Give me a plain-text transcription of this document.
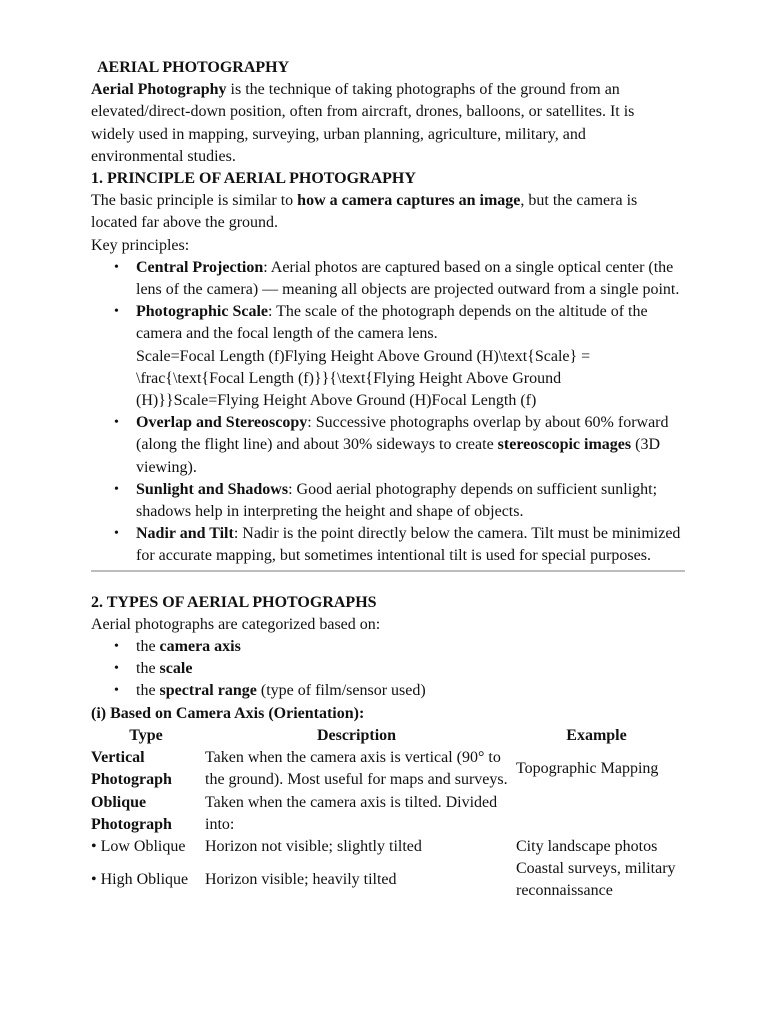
AERIAL PHOTOGRAPHY

Aerial Photography is the technique of taking photographs of the ground from an elevated/direct-down position, often from aircraft, drones, balloons, or satellites. It is widely used in mapping, surveying, urban planning, agriculture, military, and environmental studies.

1. PRINCIPLE OF AERIAL PHOTOGRAPHY

The basic principle is similar to how a camera captures an image, but the camera is located far above the ground.

Key principles:

• Central Projection: Aerial photos are captured based on a single optical center (the lens of the camera) — meaning all objects are projected outward from a single point.
• Photographic Scale: The scale of the photograph depends on the altitude of the camera and the focal length of the camera lens.
Scale=Focal Length (f)Flying Height Above Ground (H)\text{Scale} = \frac{\text{Focal Length (f)}}{\text{Flying Height Above Ground (H)}}Scale=Flying Height Above Ground (H)Focal Length (f)
• Overlap and Stereoscopy: Successive photographs overlap by about 60% forward (along the flight line) and about 30% sideways to create stereoscopic images (3D viewing).
• Sunlight and Shadows: Good aerial photography depends on sufficient sunlight; shadows help in interpreting the height and shape of objects.
• Nadir and Tilt: Nadir is the point directly below the camera. Tilt must be minimized for accurate mapping, but sometimes intentional tilt is used for special purposes.
2. TYPES OF AERIAL PHOTOGRAPHS

Aerial photographs are categorized based on:

• the camera axis
• the scale
• the spectral range (type of film/sensor used)
(i) Based on Camera Axis (Orientation):
Type	Description	Example
Vertical Photograph	Taken when the camera axis is vertical (90° to the ground). Most useful for maps and surveys.	Topographic Mapping
Oblique Photograph	Taken when the camera axis is tilted. Divided into:	
• Low Oblique	Horizon not visible; slightly tilted	City landscape photos
• High Oblique	Horizon visible; heavily tilted	Coastal surveys, military reconnaissance
